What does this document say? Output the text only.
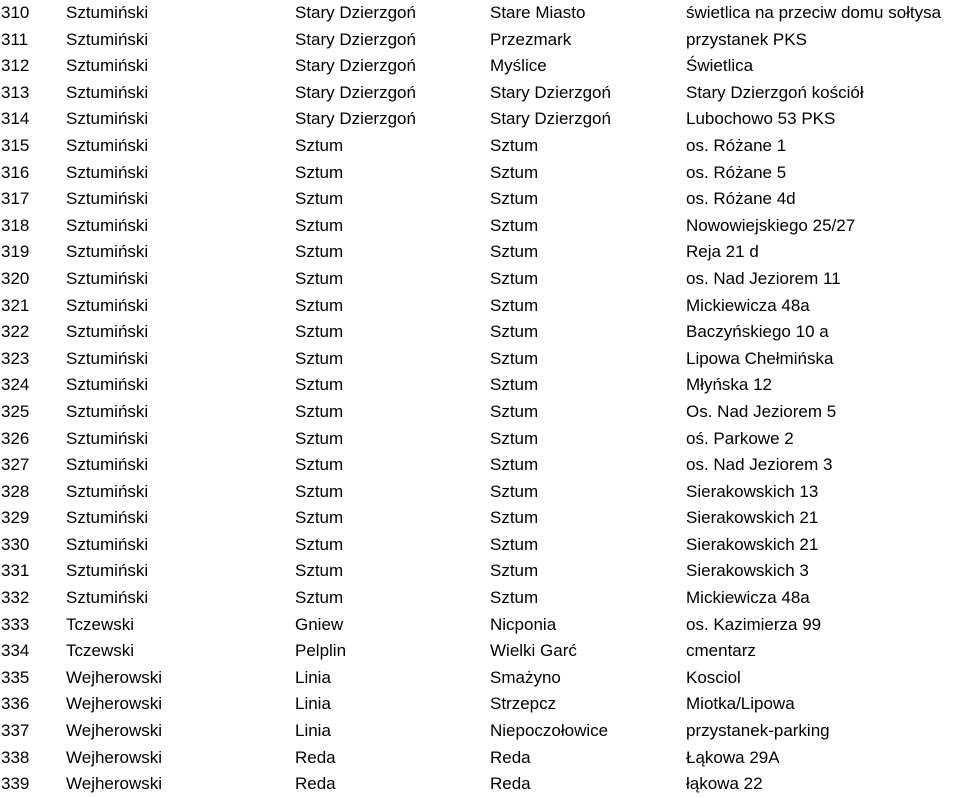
310 Sztumiński	Stary Dzierzgoń	Stare Miasto	świetlica na przeciw domu sołtysa
311 Sztumiński	Stary Dzierzgoń	Przezmark	przystanek PKS
312 Sztumiński	Stary Dzierzgoń	Myślice	Świetlica
313 Sztumiński	Stary Dzierzgoń	Stary Dzierzgoń	Stary Dzierzgoń kościół
314 Sztumiński	Stary Dzierzgoń	Stary Dzierzgoń	Lubochowo 53 PKS
315 Sztumiński	Sztum	Sztum	os. Różane 1
316 Sztumiński	Sztum	Sztum	os. Różane 5
317 Sztumiński	Sztum	Sztum	os. Różane 4d
318 Sztumiński	Sztum	Sztum	Nowowiejskiego 25/27
319 Sztumiński	Sztum	Sztum	Reja 21 d
320 Sztumiński	Sztum	Sztum	os. Nad Jeziorem 11
321 Sztumiński	Sztum	Sztum	Mickiewicza 48a
322 Sztumiński	Sztum	Sztum	Baczyńskiego 10 a
323 Sztumiński	Sztum	Sztum	Lipowa Chełmińska
324 Sztumiński	Sztum	Sztum	Młyńska 12
325 Sztumiński	Sztum	Sztum	Os. Nad Jeziorem 5
326 Sztumiński	Sztum	Sztum	oś. Parkowe 2
327 Sztumiński	Sztum	Sztum	os. Nad Jeziorem 3
328 Sztumiński	Sztum	Sztum	Sierakowskich 13
329 Sztumiński	Sztum	Sztum	Sierakowskich 21
330 Sztumiński	Sztum	Sztum	Sierakowskich 21
331 Sztumiński	Sztum	Sztum	Sierakowskich 3
332 Sztumiński	Sztum	Sztum	Mickiewicza 48a
333 Tczewski	Gniew	Nicponia	os. Kazimierza 99
334 Tczewski	Pelplin	Wielki Garć	cmentarz
335 Wejherowski	Linia	Smażyno	Kosciol
336 Wejherowski	Linia	Strzepcz	Miotka/Lipowa
337 Wejherowski	Linia	Niepoczołowice	przystanek-parking
338 Wejherowski	Reda	Reda	Łąkowa 29A
339 Wejherowski	Reda	Reda	łąkowa 22
